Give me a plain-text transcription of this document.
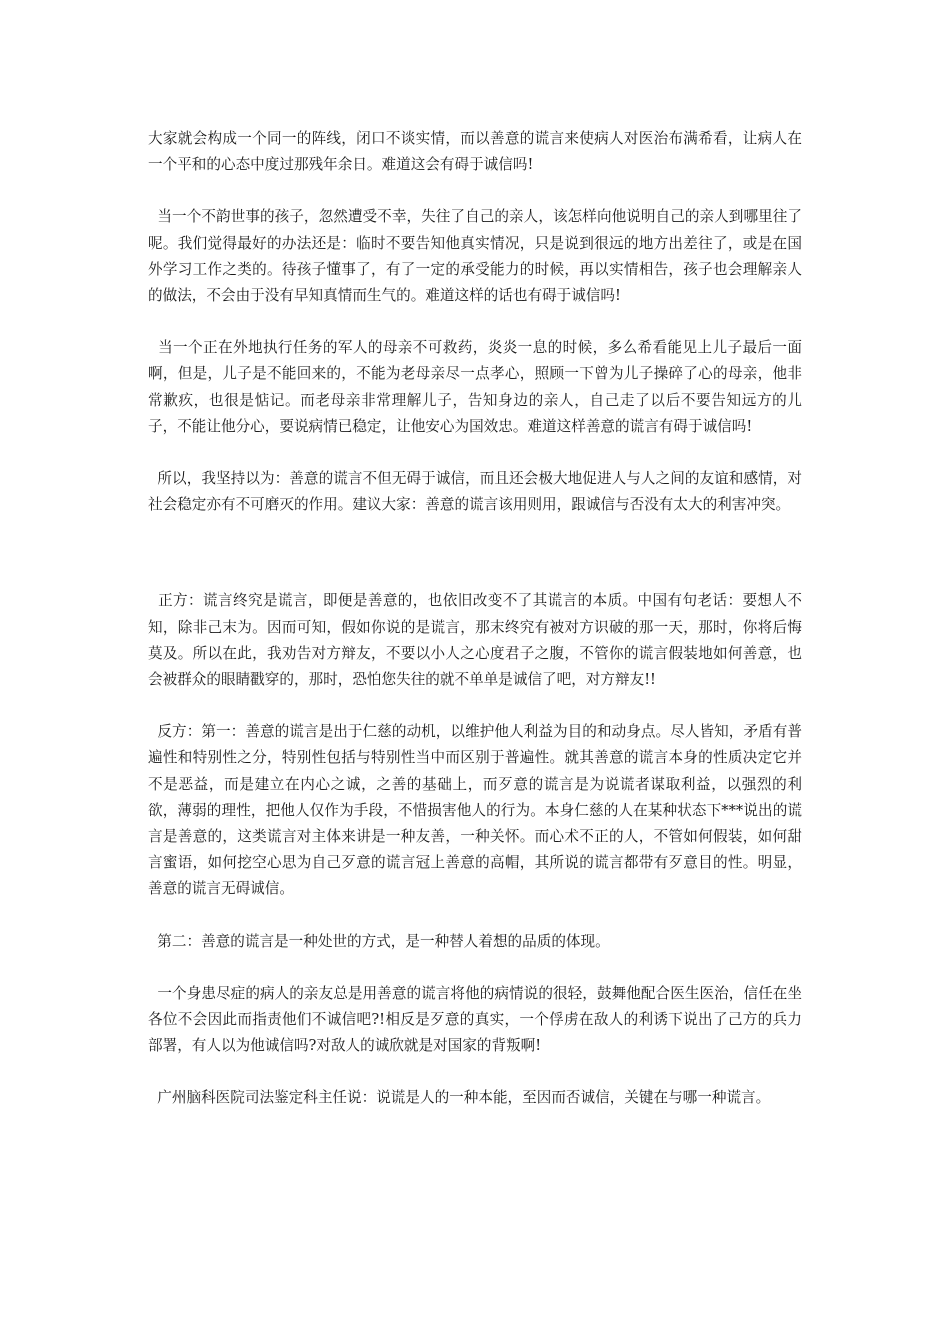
大家就会构成一个同一的阵线，闭口不谈实情，而以善意的谎言来使病人对医治布满希看，让病人在一个平和的心态中度过那残年余日。难道这会有碍于诚信吗!

当一个不韵世事的孩子，忽然遭受不幸，失往了自己的亲人，该怎样向他说明自己的亲人到哪里往了呢。我们觉得最好的办法还是：临时不要告知他真实情况，只是说到很远的地方出差往了，或是在国外学习工作之类的。待孩子懂事了，有了一定的承受能力的时候，再以实情相告，孩子也会理解亲人的做法，不会由于没有早知真情而生气的。难道这样的话也有碍于诚信吗!

当一个正在外地执行任务的军人的母亲不可救药，炎炎一息的时候，多么希看能见上儿子最后一面啊，但是，儿子是不能回来的，不能为老母亲尽一点孝心，照顾一下曾为儿子操碎了心的母亲，他非常歉疚，也很是惦记。而老母亲非常理解儿子，告知身边的亲人，自己走了以后不要告知远方的儿子，不能让他分心，要说病情已稳定，让他安心为国效忠。难道这样善意的谎言有碍于诚信吗!

所以，我坚持以为：善意的谎言不但无碍于诚信，而且还会极大地促进人与人之间的友谊和感情，对社会稳定亦有不可磨灭的作用。建议大家：善意的谎言该用则用，跟诚信与否没有太大的利害冲突。

正方：谎言终究是谎言，即便是善意的，也依旧改变不了其谎言的本质。中国有句老话：要想人不知，除非己末为。因而可知，假如你说的是谎言，那末终究有被对方识破的那一天，那时，你将后悔莫及。所以在此，我劝告对方辩友，不要以小人之心度君子之腹，不管你的谎言假装地如何善意，也会被群众的眼睛戳穿的，那时，恐怕您失往的就不单单是诚信了吧，对方辩友!!

反方：第一：善意的谎言是出于仁慈的动机，以维护他人利益为目的和动身点。尽人皆知，矛盾有普遍性和特别性之分，特别性包括与特别性当中而区别于普遍性。就其善意的谎言本身的性质决定它并不是恶益，而是建立在内心之诚，之善的基础上，而歹意的谎言是为说谎者谋取利益，以强烈的利欲，薄弱的理性，把他人仅作为手段，不惜损害他人的行为。本身仁慈的人在某种状态下***说出的谎言是善意的，这类谎言对主体来讲是一种友善，一种关怀。而心术不正的人，不管如何假装，如何甜言蜜语，如何挖空心思为自己歹意的谎言冠上善意的高帽，其所说的谎言都带有歹意目的性。明显，善意的谎言无碍诚信。

第二：善意的谎言是一种处世的方式，是一种替人着想的品质的体现。

一个身患尽症的病人的亲友总是用善意的谎言将他的病情说的很轻，鼓舞他配合医生医治，信任在坐各位不会因此而指责他们不诚信吧?!相反是歹意的真实，一个俘虏在敌人的利诱下说出了己方的兵力部署，有人以为他诚信吗?对敌人的诚欣就是对国家的背叛啊!

广州脑科医院司法鉴定科主任说：说谎是人的一种本能，至因而否诚信，关键在与哪一种谎言。
